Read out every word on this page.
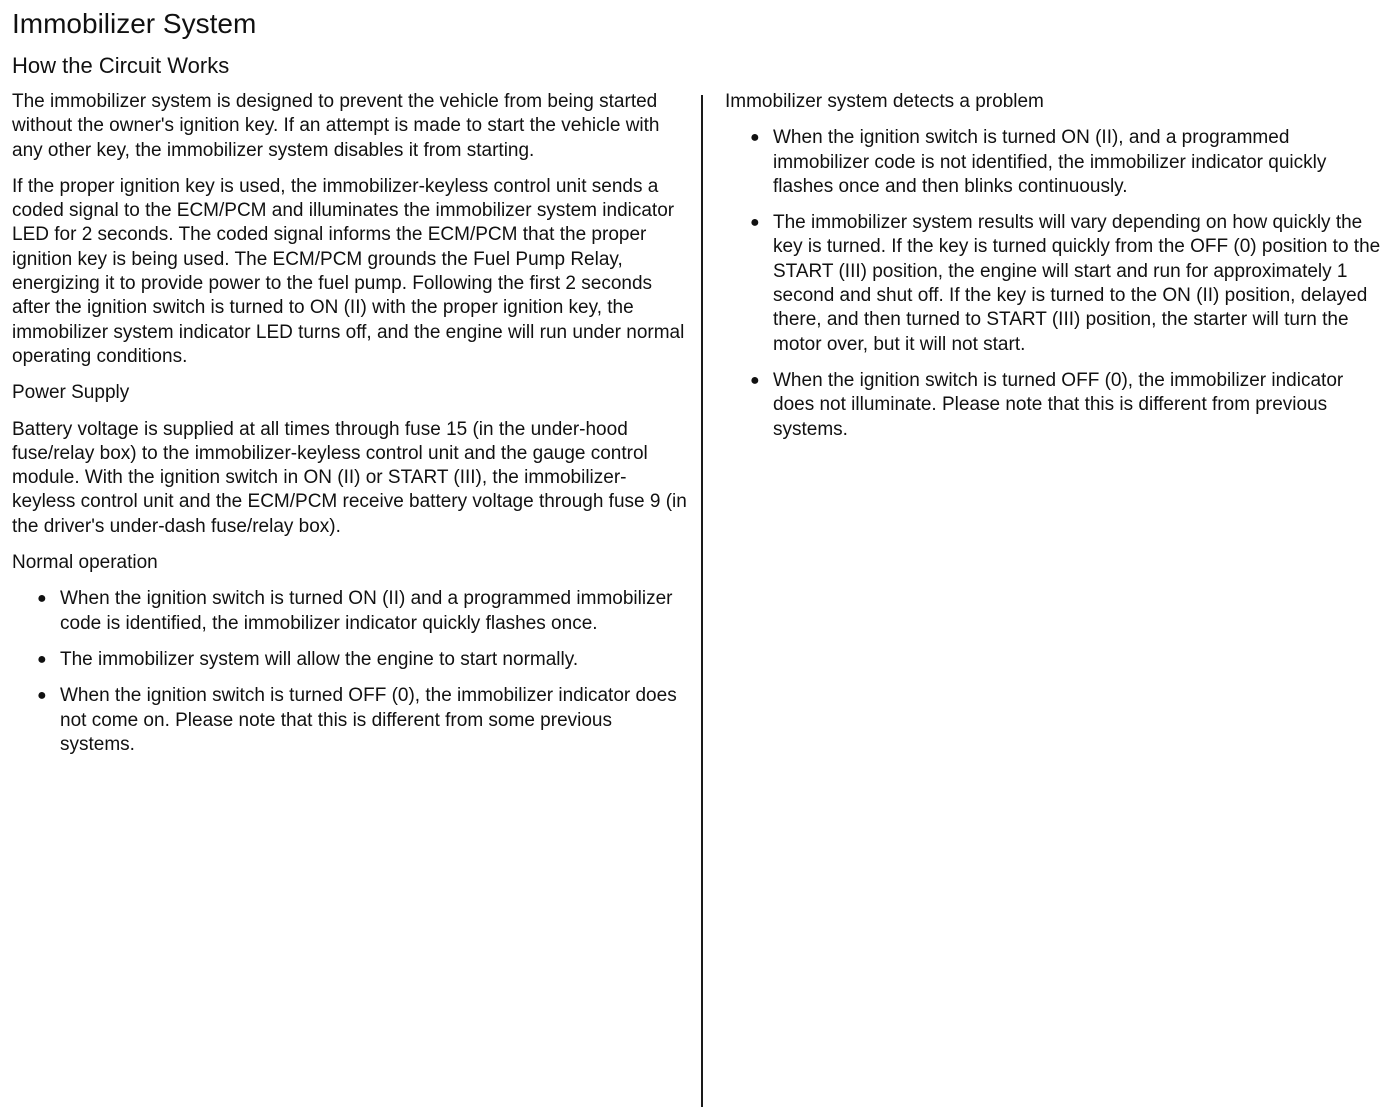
Immobilizer System
How the Circuit Works

The immobilizer system is designed to prevent the vehicle from being started without the owner's ignition key. If an attempt is made to start the vehicle with any other key, the immobilizer system disables it from starting.

If the proper ignition key is used, the immobilizer-keyless control unit sends a coded signal to the ECM/PCM and illuminates the immobilizer system indicator LED for 2 seconds. The coded signal informs the ECM/PCM that the proper ignition key is being used. The ECM/PCM grounds the Fuel Pump Relay, energizing it to provide power to the fuel pump. Following the first 2 seconds after the ignition switch is turned to ON (II) with the proper ignition key, the immobilizer system indicator LED turns off, and the engine will run under normal operating conditions.

Power Supply

Battery voltage is supplied at all times through fuse 15 (in the under-hood fuse/relay box) to the immobilizer-keyless control unit and the gauge control module. With the ignition switch in ON (II) or START (III), the immobilizer-keyless control unit and the ECM/PCM receive battery voltage through fuse 9 (in the driver's under-dash fuse/relay box).

Normal operation
● When the ignition switch is turned ON (II) and a programmed immobilizer code is identified, the immobilizer indicator quickly flashes once.
● The immobilizer system will allow the engine to start normally.
● When the ignition switch is turned OFF (0), the immobilizer indicator does not come on. Please note that this is different from some previous systems.
Immobilizer system detects a problem
● When the ignition switch is turned ON (II), and a programmed immobilizer code is not identified, the immobilizer indicator quickly flashes once and then blinks continuously.
● The immobilizer system results will vary depending on how quickly the key is turned. If the key is turned quickly from the OFF (0) position to the START (III) position, the engine will start and run for approximately 1 second and shut off. If the key is turned to the ON (II) position, delayed there, and then turned to START (III) position, the starter will turn the motor over, but it will not start.
● When the ignition switch is turned OFF (0), the immobilizer indicator does not illuminate. Please note that this is different from previous systems.
